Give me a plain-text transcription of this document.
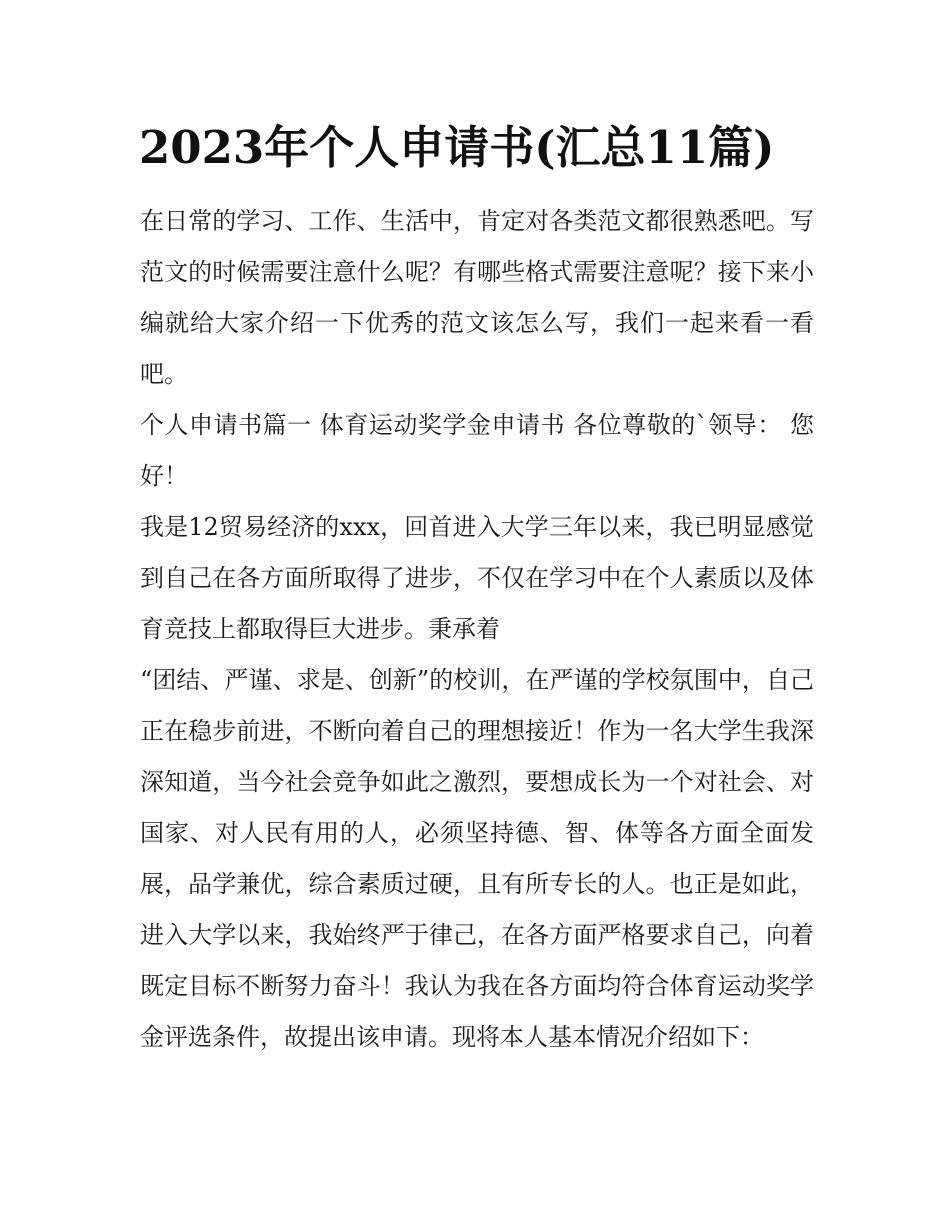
2023年个人申请书(汇总11篇)

在日常的学习、工作、生活中，肯定对各类范文都很熟悉吧。写范文的时候需要注意什么呢？有哪些格式需要注意呢？接下来小编就给大家介绍一下优秀的范文该怎么写，我们一起来看一看吧。

个人申请书篇一 体育运动奖学金申请书 各位尊敬的`领导： 您好！

我是12贸易经济的xxx，回首进入大学三年以来，我已明显感觉到自己在各方面所取得了进步，不仅在学习中在个人素质以及体育竞技上都取得巨大进步。秉承着

“团结、严谨、求是、创新”的校训，在严谨的学校氛围中，自己正在稳步前进，不断向着自己的理想接近！作为一名大学生我深深知道，当今社会竞争如此之激烈，要想成长为一个对社会、对国家、对人民有用的人，必须坚持德、智、体等各方面全面发展，品学兼优，综合素质过硬，且有所专长的人。也正是如此，进入大学以来，我始终严于律己，在各方面严格要求自己，向着既定目标不断努力奋斗！我认为我在各方面均符合体育运动奖学金评选条件，故提出该申请。现将本人基本情况介绍如下：
